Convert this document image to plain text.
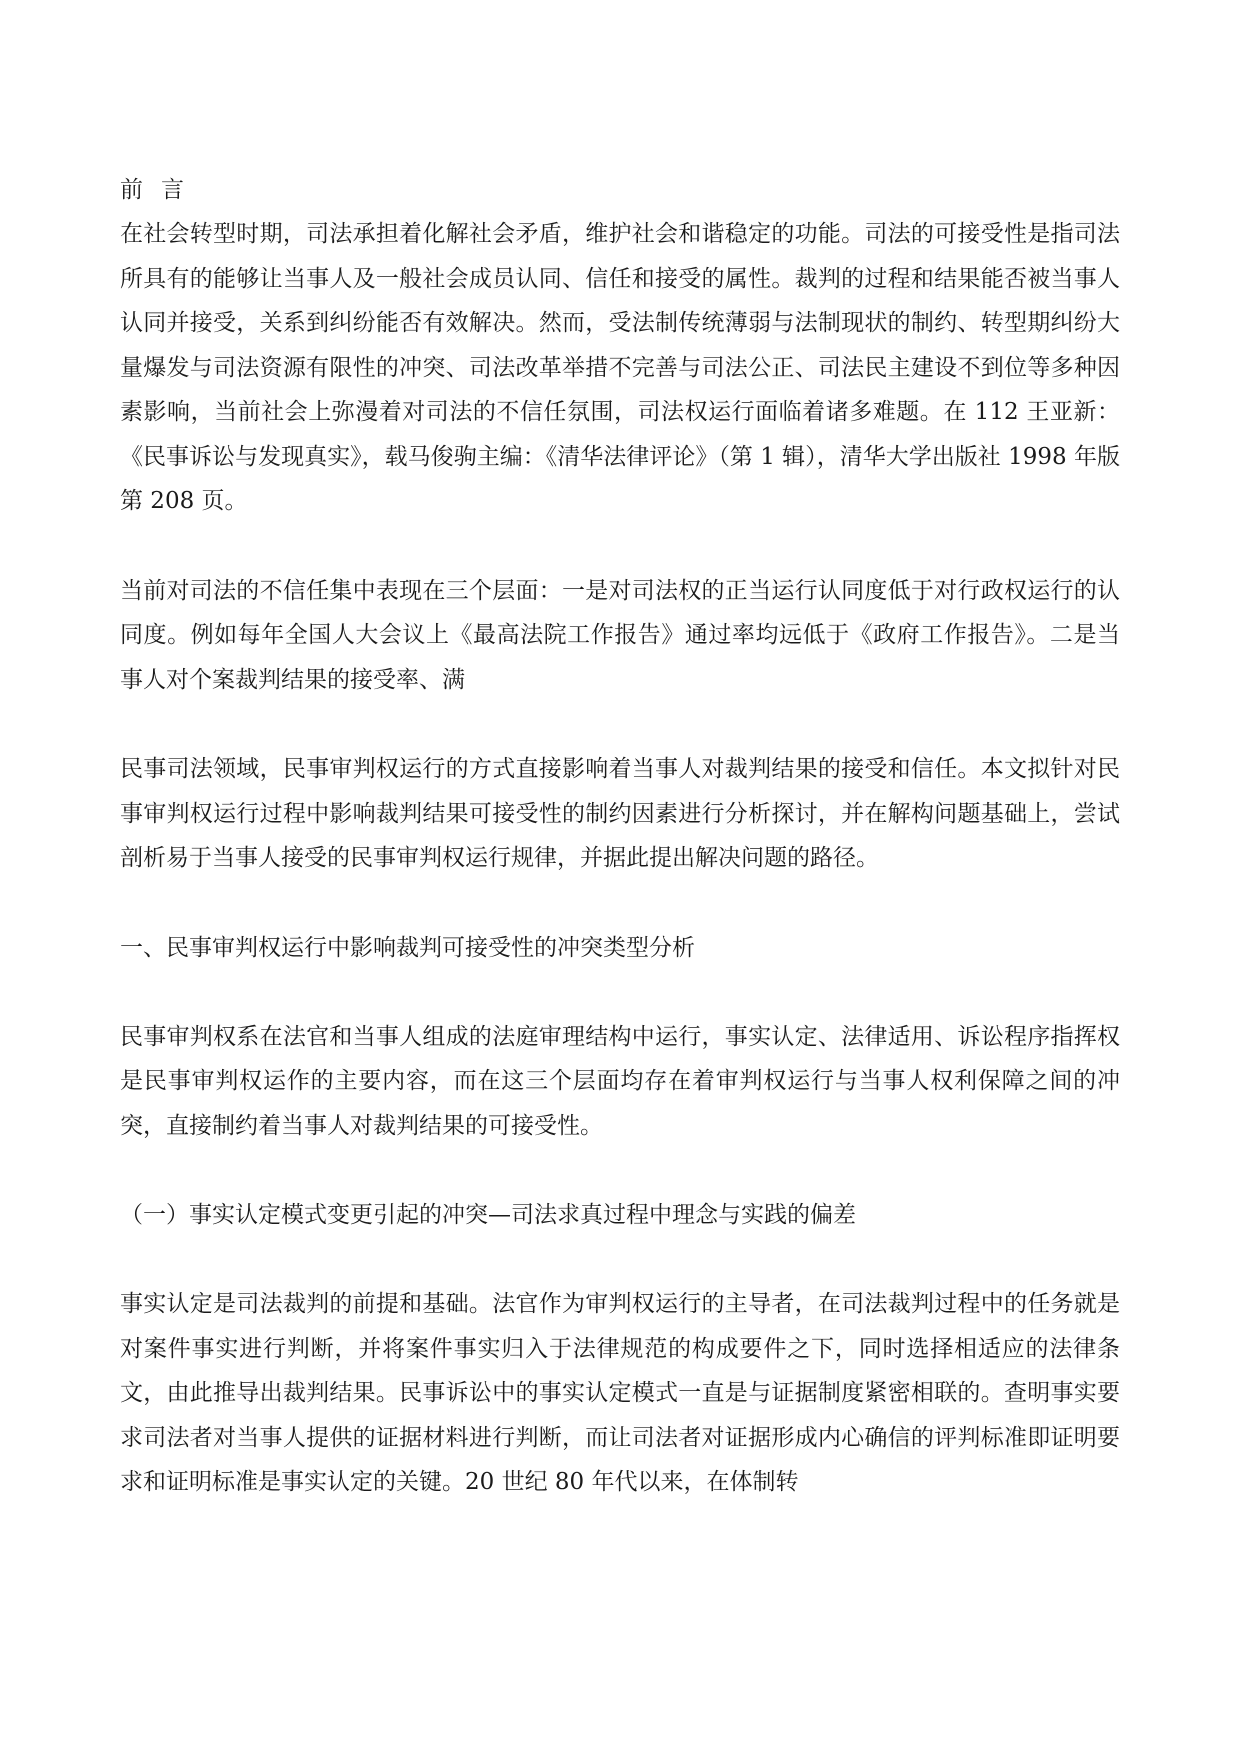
前言

在社会转型时期，司法承担着化解社会矛盾，维护社会和谐稳定的功能。司法的可接受性是指司法所具有的能够让当事人及一般社会成员认同、信任和接受的属性。裁判的过程和结果能否被当事人认同并接受，关系到纠纷能否有效解决。然而，受法制传统薄弱与法制现状的制约、转型期纠纷大量爆发与司法资源有限性的冲突、司法改革举措不完善与司法公正、司法民主建设不到位等多种因素影响，当前社会上弥漫着对司法的不信任氛围，司法权运行面临着诸多难题。在 112 王亚新：《民事诉讼与发现真实》，载马俊驹主编：《清华法律评论》（第 1 辑），清华大学出版社 1998 年版第 208 页。

当前对司法的不信任集中表现在三个层面：一是对司法权的正当运行认同度低于对行政权运行的认同度。例如每年全国人大会议上《最高法院工作报告》通过率均远低于《政府工作报告》。二是当事人对个案裁判结果的接受率、满

民事司法领域，民事审判权运行的方式直接影响着当事人对裁判结果的接受和信任。本文拟针对民事审判权运行过程中影响裁判结果可接受性的制约因素进行分析探讨，并在解构问题基础上，尝试剖析易于当事人接受的民事审判权运行规律，并据此提出解决问题的路径。

一、民事审判权运行中影响裁判可接受性的冲突类型分析

民事审判权系在法官和当事人组成的法庭审理结构中运行，事实认定、法律适用、诉讼程序指挥权是民事审判权运作的主要内容，而在这三个层面均存在着审判权运行与当事人权利保障之间的冲突，直接制约着当事人对裁判结果的可接受性。

（一）事实认定模式变更引起的冲突—司法求真过程中理念与实践的偏差

事实认定是司法裁判的前提和基础。法官作为审判权运行的主导者，在司法裁判过程中的任务就是对案件事实进行判断，并将案件事实归入于法律规范的构成要件之下，同时选择相适应的法律条文，由此推导出裁判结果。民事诉讼中的事实认定模式一直是与证据制度紧密相联的。查明事实要求司法者对当事人提供的证据材料进行判断，而让司法者对证据形成内心确信的评判标准即证明要求和证明标准是事实认定的关键。20 世纪 80 年代以来，在体制转
